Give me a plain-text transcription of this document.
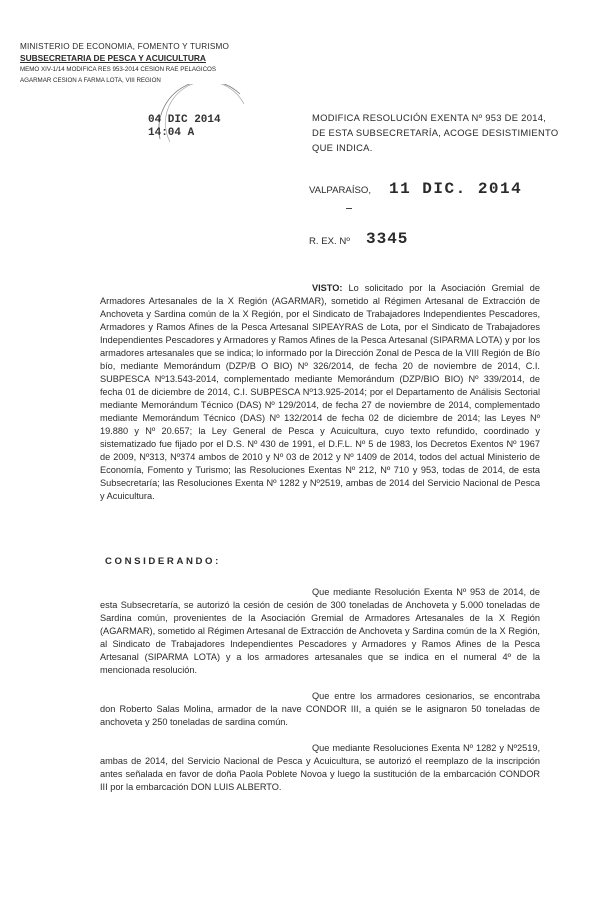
MINISTERIO DE ECONOMIA, FOMENTO Y TURISMO
SUBSECRETARIA DE PESCA Y ACUICULTURA
MEMO XIV-1/14 MODIFICA RES 953-2014 CESION RAE PELAGICOS
AGARMAR CESION A FARMA LOTA, VIII REGION
04 DIC 2014
14:04 A
MODIFICA RESOLUCIÓN EXENTA Nº 953 DE 2014,
DE ESTA SUBSECRETARÍA, ACOGE DESISTIMIENTO
QUE INDICA.
VALPARAÍSO, 11 DIC. 2014
R. EX. Nº 3345
VISTO: Lo solicitado por la Asociación Gremial de Armadores Artesanales de la X Región (AGARMAR), sometido al Régimen Artesanal de Extracción de Anchoveta y Sardina común de la X Región, por el Sindicato de Trabajadores Independientes Pescadores, Armadores y Ramos Afines de la Pesca Artesanal SIPEAYRAS de Lota, por el Sindicato de Trabajadores Independientes Pescadores y Armadores y Ramos Afines de la Pesca Artesanal (SIPARMA LOTA) y por los armadores artesanales que se indica; lo informado por la Dirección Zonal de Pesca de la VIII Región de Bío bío, mediante Memorándum (DZP/B O BIO) Nº 326/2014, de fecha 20 de noviembre de 2014, C.I. SUBPESCA Nº13.543-2014, complementado mediante Memorándum (DZP/BIO BIO) Nº 339/2014, de fecha 01 de diciembre de 2014, C.I. SUBPESCA Nº13.925-2014; por el Departamento de Análisis Sectorial mediante Memorándum Técnico (DAS) Nº 129/2014, de fecha 27 de noviembre de 2014, complementado mediante Memorándum Técnico (DAS) Nº 132/2014 de fecha 02 de diciembre de 2014; las Leyes Nº 19.880 y Nº 20.657; la Ley General de Pesca y Acuicultura, cuyo texto refundido, coordinado y sistematizado fue fijado por el D.S. Nº 430 de 1991, el D.F.L. Nº 5 de 1983, los Decretos Exentos Nº 1967 de 2009, Nº313, Nº374 ambos de 2010 y Nº 03 de 2012 y Nº 1409 de 2014, todos del actual Ministerio de Economía, Fomento y Turismo; las Resoluciones Exentas Nº 212, Nº 710 y 953, todas de 2014, de esta Subsecretaría; las Resoluciones Exenta Nº 1282 y Nº2519, ambas de 2014 del Servicio Nacional de Pesca y Acuicultura.
CONSIDERANDO:
Que mediante Resolución Exenta Nº 953 de 2014, de esta Subsecretaría, se autorizó la cesión de cesión de 300 toneladas de Anchoveta y 5.000 toneladas de Sardina común, provenientes de la Asociación Gremial de Armadores Artesanales de la X Región (AGARMAR), sometido al Régimen Artesanal de Extracción de Anchoveta y Sardina común de la X Región, al Sindicato de Trabajadores Independientes Pescadores y Armadores y Ramos Afines de la Pesca Artesanal (SIPARMA LOTA) y a los armadores artesanales que se indica en el numeral 4º de la mencionada resolución.
Que entre los armadores cesionarios, se encontraba don Roberto Salas Molina, armador de la nave CONDOR III, a quién se le asignaron 50 toneladas de anchoveta y 250 toneladas de sardina común.
Que mediante Resoluciones Exenta Nº 1282 y Nº2519, ambas de 2014, del Servicio Nacional de Pesca y Acuicultura, se autorizó el reemplazo de la inscripción antes señalada en favor de doña Paola Poblete Novoa y luego la sustitución de la embarcación CONDOR III por la embarcación DON LUIS ALBERTO.
